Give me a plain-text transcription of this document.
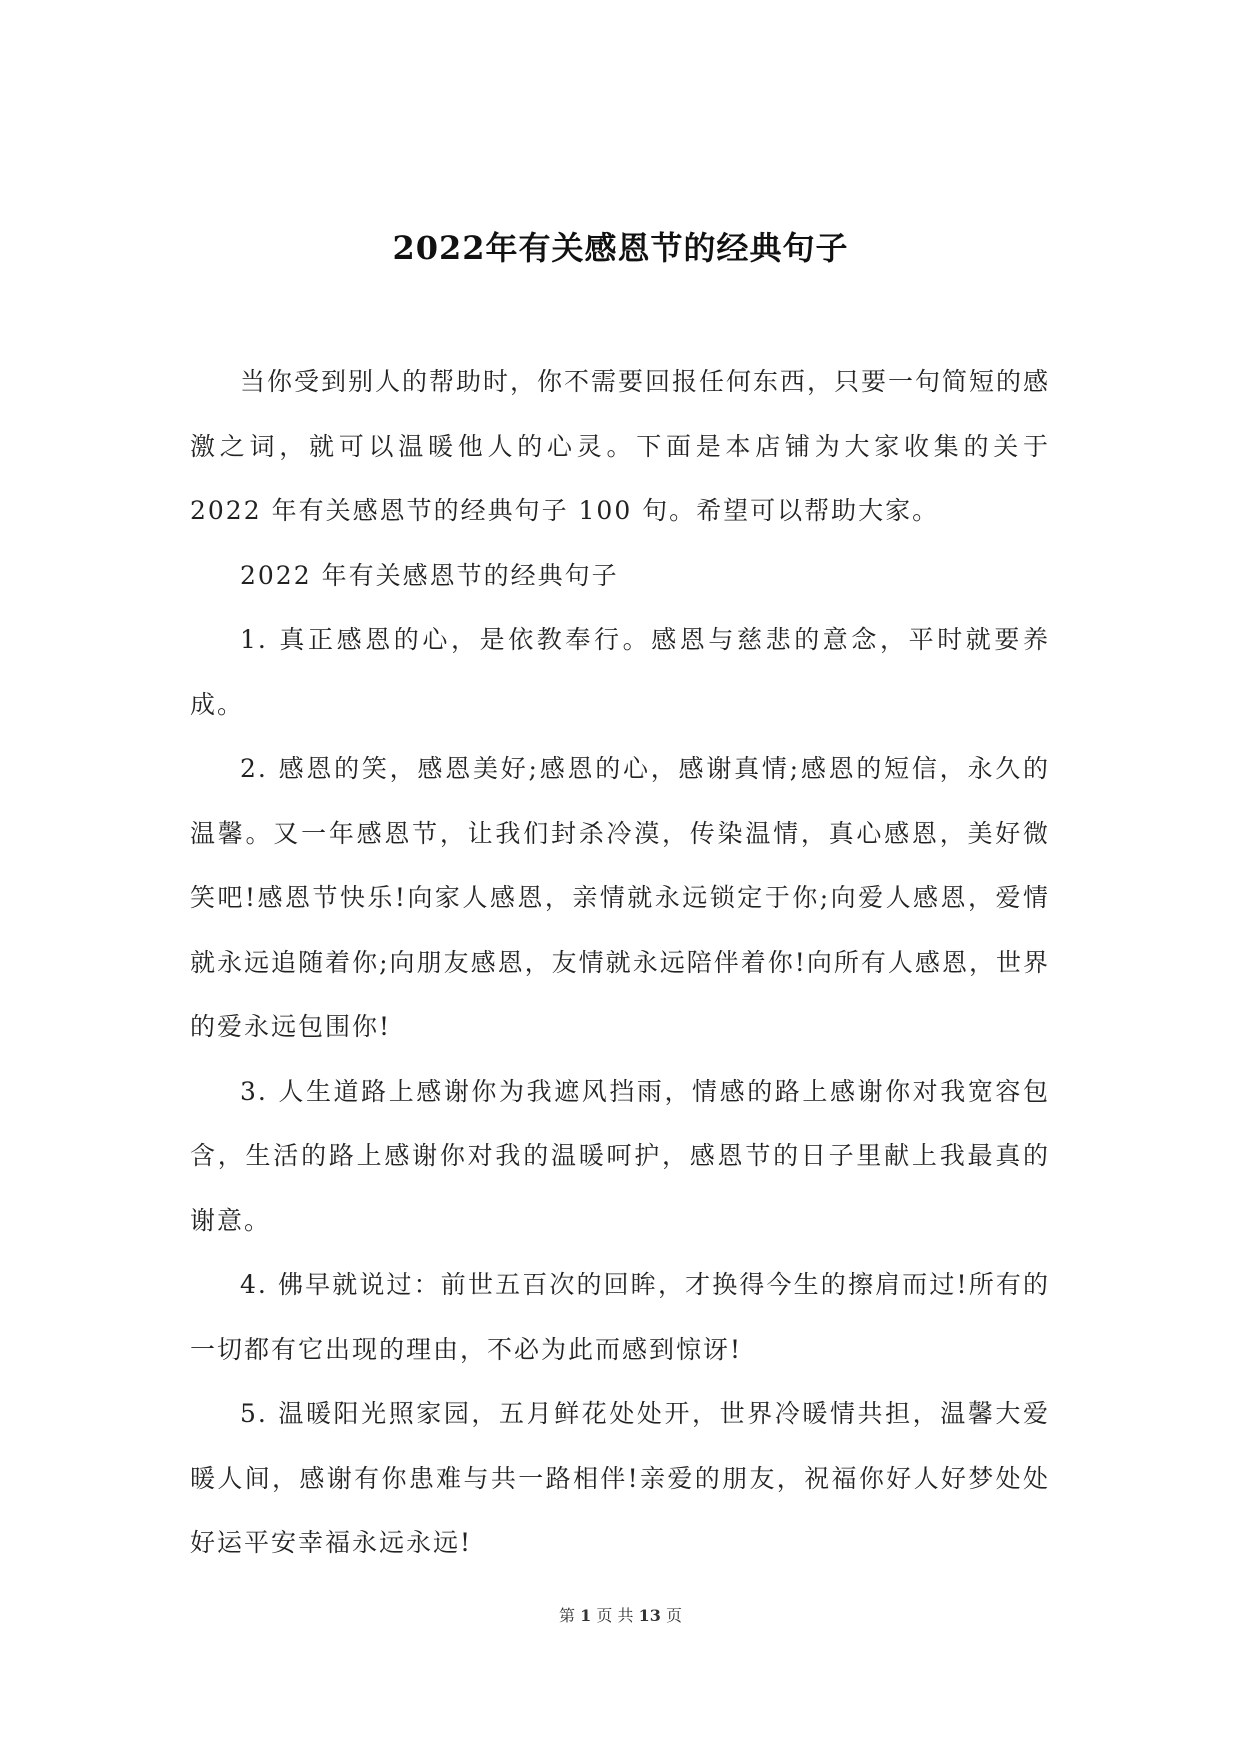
2022年有关感恩节的经典句子

当你受到别人的帮助时，你不需要回报任何东西，只要一句简短的感激之词，就可以温暖他人的心灵。下面是本店铺为大家收集的关于 2022 年有关感恩节的经典句子 100 句。希望可以帮助大家。

2022 年有关感恩节的经典句子

1. 真正感恩的心，是依教奉行。感恩与慈悲的意念，平时就要养成。

2. 感恩的笑，感恩美好;感恩的心，感谢真情;感恩的短信，永久的温馨。又一年感恩节，让我们封杀冷漠，传染温情，真心感恩，美好微笑吧!感恩节快乐!向家人感恩，亲情就永远锁定于你;向爱人感恩，爱情就永远追随着你;向朋友感恩，友情就永远陪伴着你!向所有人感恩，世界的爱永远包围你!

3. 人生道路上感谢你为我遮风挡雨，情感的路上感谢你对我宽容包含，生活的路上感谢你对我的温暖呵护，感恩节的日子里献上我最真的谢意。

4. 佛早就说过：前世五百次的回眸，才换得今生的擦肩而过!所有的一切都有它出现的理由，不必为此而感到惊讶!

5. 温暖阳光照家园，五月鲜花处处开，世界冷暖情共担，温馨大爱暖人间，感谢有你患难与共一路相伴!亲爱的朋友，祝福你好人好梦处处好运平安幸福永远永远!

第 1 页 共 13 页
